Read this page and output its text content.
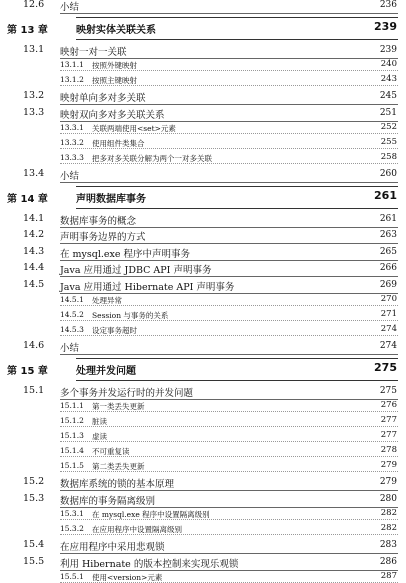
12.6 小结	236
第 13 章	映射实体关联关系	239
13.1 映射一对一关联	239
13.1.1 按照外键映射	240
13.1.2 按照主键映射	243
13.2 映射单向多对多关联	245
13.3 映射双向多对多关联关系	251
13.3.1 关联两端使用<set>元素	252
13.3.2 使用组件类集合	255
13.3.3 把多对多关联分解为两个一对多关联	258
13.4 小结	260
第 14 章	声明数据库事务	261
14.1 数据库事务的概念	261
14.2 声明事务边界的方式	263
14.3 在 mysql.exe 程序中声明事务	265
14.4 Java 应用通过 JDBC API 声明事务	266
14.5 Java 应用通过 Hibernate API 声明事务	269
14.5.1 处理异常	270
14.5.2 Session 与事务的关系	271
14.5.3 设定事务超时	274
14.6 小结	274
第 15 章	处理并发问题	275
15.1 多个事务并发运行时的并发问题	275
15.1.1 第一类丢失更新	276
15.1.2 脏读	277
15.1.3 虚读	277
15.1.4 不可重复读	278
15.1.5 第二类丢失更新	279
15.2 数据库系统的锁的基本原理	279
15.3 数据库的事务隔离级别	280
15.3.1 在 mysql.exe 程序中设置隔离级别	282
15.3.2 在应用程序中设置隔离级别	282
15.4 在应用程序中采用悲观锁	283
15.5 利用 Hibernate 的版本控制来实现乐观锁	286
15.5.1 使用<version>元素	287
